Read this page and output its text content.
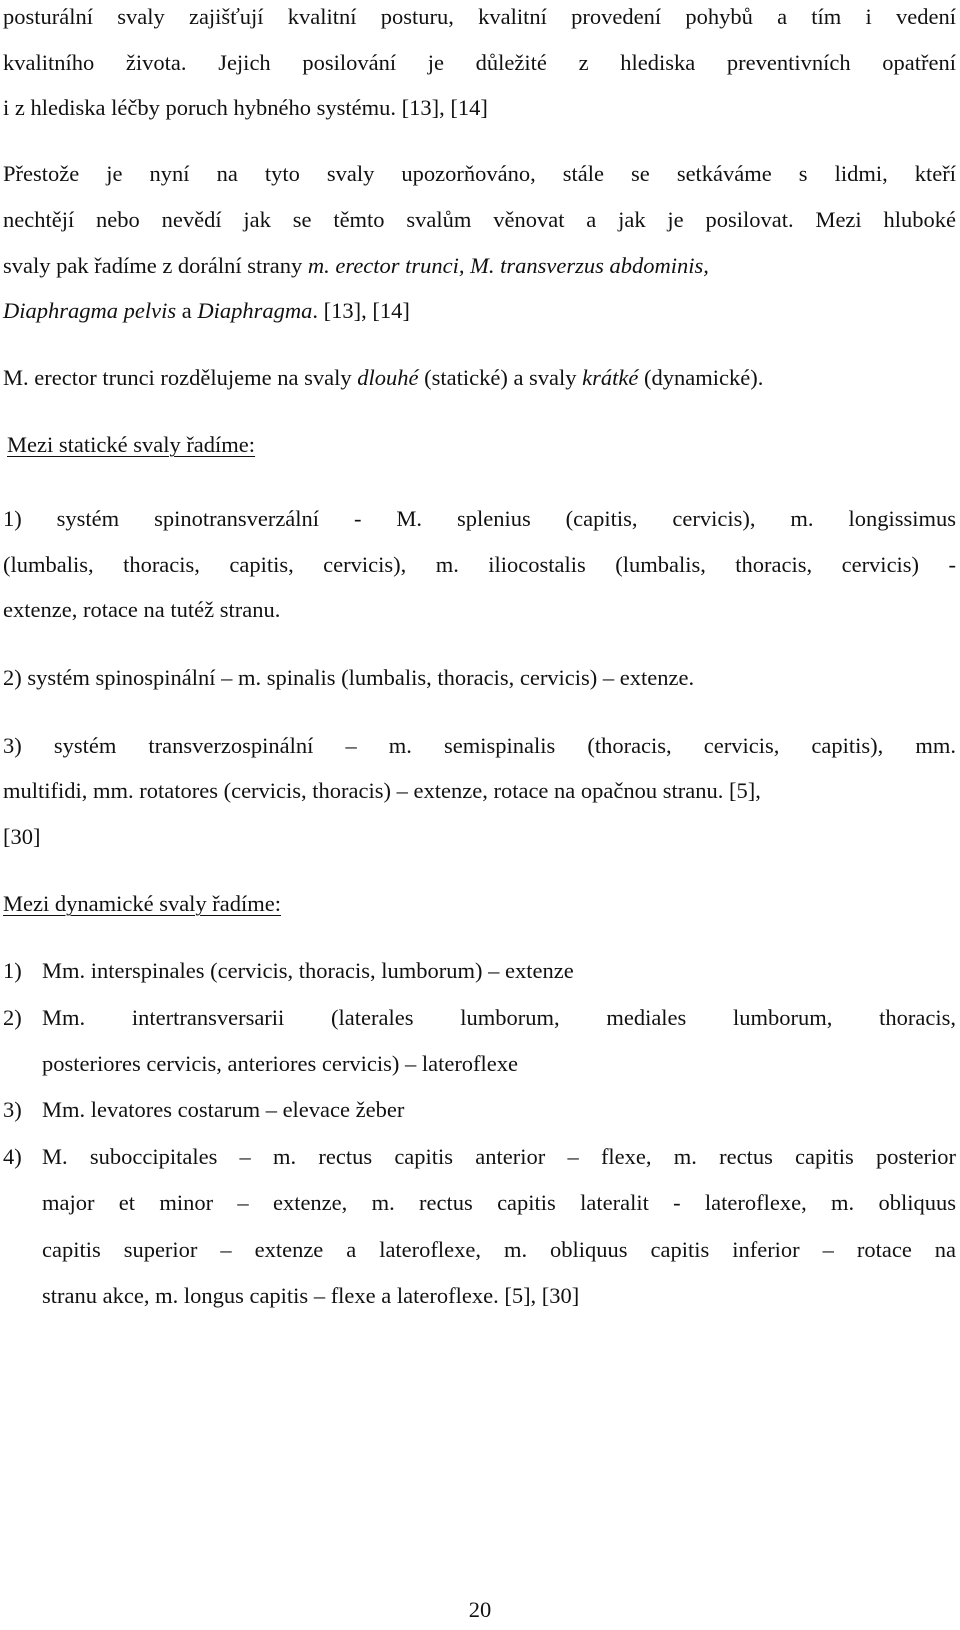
posturální svaly zajišťují kvalitní posturu, kvalitní provedení pohybů a tím i vedení
kvalitního života. Jejich posilování je důležité z hlediska preventivních opatření
i z hlediska léčby poruch hybného systému. [13], [14]
Přestože je nyní na tyto svaly upozorňováno, stále se setkáváme s lidmi, kteří
nechtějí nebo nevědí jak se těmto svalům věnovat a jak je posilovat. Mezi hluboké
svaly pak řadíme z dorální strany m. erector trunci, M. transverzus abdominis,
Diaphragma pelvis a Diaphragma. [13], [14]
M. erector trunci rozdělujeme na svaly dlouhé (statické) a svaly krátké (dynamické).
Mezi statické svaly řadíme:
1) systém spinotransverzální - M. splenius (capitis, cervicis), m. longissimus
(lumbalis, thoracis, capitis, cervicis), m. iliocostalis (lumbalis, thoracis, cervicis) -
extenze, rotace na tutéž stranu.
2) systém spinospinální – m. spinalis (lumbalis, thoracis, cervicis) – extenze.
3) systém transverzospinální – m. semispinalis (thoracis, cervicis, capitis), mm.
multifidi, mm. rotatores (cervicis, thoracis) – extenze, rotace na opačnou stranu. [5],
[30]
Mezi dynamické svaly řadíme:
1) Mm. interspinales (cervicis, thoracis, lumborum) – extenze
2) Mm. intertransversarii (laterales lumborum, mediales lumborum, thoracis,
posteriores cervicis, anteriores cervicis) – lateroflexe
3) Mm. levatores costarum – elevace žeber
4) M. suboccipitales – m. rectus capitis anterior – flexe, m. rectus capitis posterior
major et minor – extenze, m. rectus capitis lateralit - lateroflexe, m. obliquus
capitis superior – extenze a lateroflexe, m. obliquus capitis inferior – rotace na
stranu akce, m. longus capitis – flexe a lateroflexe. [5], [30]
20
